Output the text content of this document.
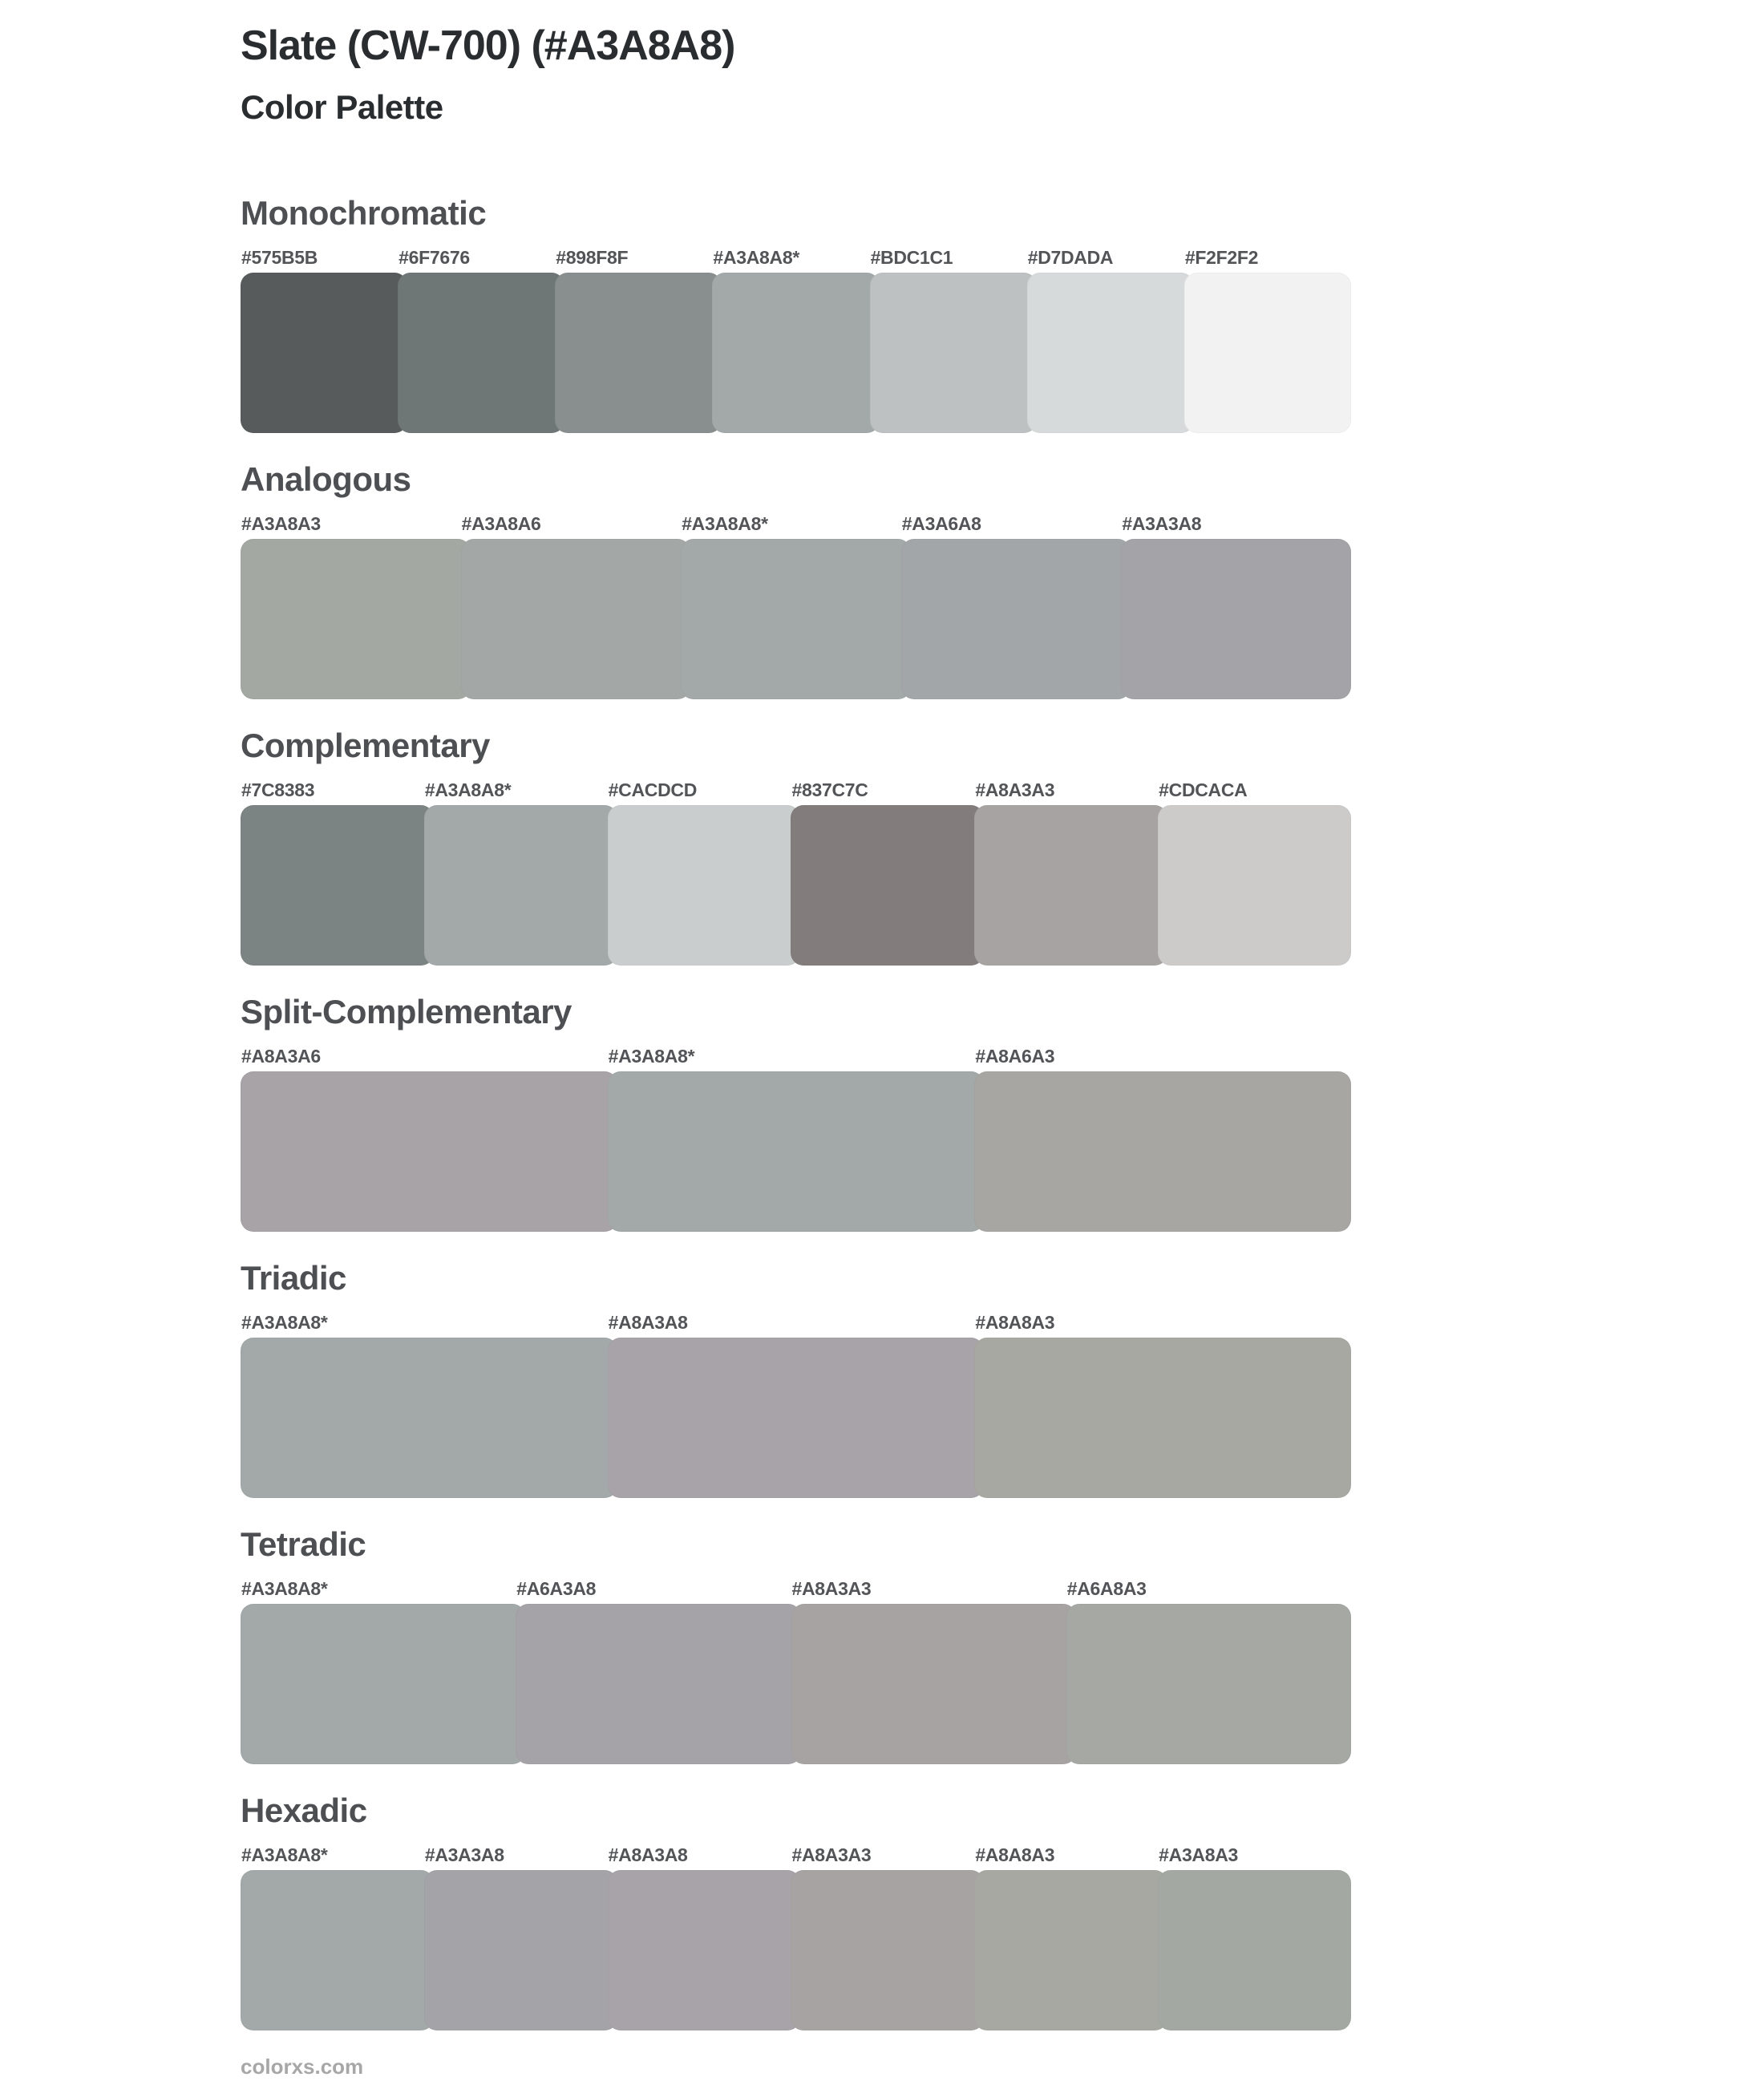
Slate (CW-700) (#A3A8A8)
Color Palette
Monochromatic
#575B5B	#6F7676	#898F8F	#A3A8A8*	#BDC1C1	#D7DADA	#F2F2F2
Analogous
#A3A8A3	#A3A8A6	#A3A8A8*	#A3A6A8	#A3A3A8
Complementary
#7C8383	#A3A8A8*	#CACDCD	#837C7C	#A8A3A3	#CDCACA
Split-Complementary
#A8A3A6	#A3A8A8*	#A8A6A3
Triadic
#A3A8A8*	#A8A3A8	#A8A8A3
Tetradic
#A3A8A8*	#A6A3A8	#A8A3A3	#A6A8A3
Hexadic
#A3A8A8*	#A3A3A8	#A8A3A8	#A8A3A3	#A8A8A3	#A3A8A3
colorxs.com
